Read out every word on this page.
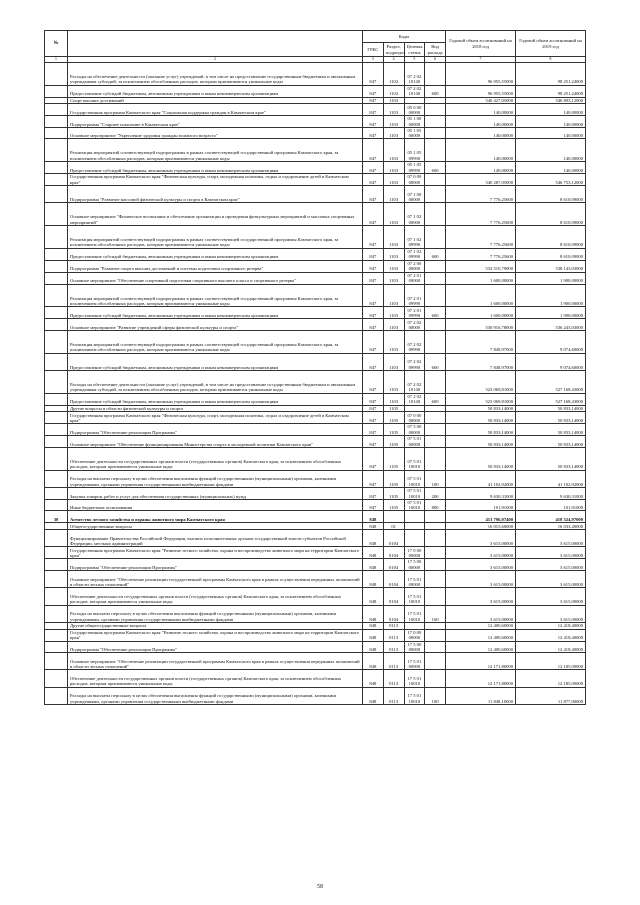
№		Коды				Годовой объем ассигнований на 2018 год	Годовой объем ассигнований на 2019 год
		ГРБС	Раздел, подраздел	Целевая статья	Вид расхода		
1	2	3	4	5	6	7	8
	Расходы на обеспечение деятельности (оказание услуг) учреждений, в том числе на предоставление государственным бюджетным и автономным учреждениям субсидий, за исключением обособленных расходов, которым присваиваются уникальные коды	847	1102	07 2 02 10140		96 955,55000	98 251,24000
	Предоставление субсидий бюджетным, автономным учреждениям и иным некоммерческим организациям	847	1102	07 2 02 10140	600	96 955,55000	98 251,24000
	Спорт высших достижений	847	1103			540 427,05000	546 893,12000
	Государственная программа Камчатского края "Социальная поддержка граждан в Камчатском крае"	847	1103	05 0 00 00000		140,00000	140,00000
	Подпрограмма "Старшее поколение в Камчатском крае"	847	1103	05 1 00 00000		140,00000	140,00000
	Основное мероприятие "Укрепление здоровья граждан пожилого возраста"	847	1103	05 1 05 00000		140,00000	140,00000
	Реализация мероприятий соответствующей подпрограммы в рамках соответствующей государственной программы Камчатского края, за исключением обособленных расходов, которым присваиваются уникальные коды	847	1103	05 1 05 09990		140,00000	140,00000
	Предоставление субсидий бюджетным, автономным учреждениям и иным некоммерческим организациям	847	1103	05 1 05 09990	600	140,00000	140,00000
	Государственная программа Камчатского края "Физическая культура, спорт, молодежная политика, отдых и оздоровление детей в Камчатском крае"	847	1103	07 0 00 00000		540 287,05000	546 753,12000
	Подпрограмма "Развитие массовой физической культуры и спорта в Камчатском крае"	847	1103	07 1 00 00000		7 776,25600	8 610,09000
	Основное мероприятие "Физическое воспитание и обеспечение организации и проведения физкультурных мероприятий и массовых спортивных мероприятий"	847	1103	07 1 02 00000		7 776,25600	8 610,09000
	Реализация мероприятий соответствующей подпрограммы в рамках соответствующей государственной программы Камчатского края, за исключением обособленных расходов, которым присваиваются уникальные коды	847	1103	07 1 02 09990		7 776,25600	8 610,09000
	Предоставление субсидий бюджетным, автономным учреждениям и иным некоммерческим организациям	847	1103	07 1 02 09990	600	7 776,25600	8 610,09000
	Подпрограмма "Развитие спорта высших достижений и системы подготовки спортивного резерва"	847	1103	07 2 00 00000		532 510,79000	538 143,03000
	Основное мероприятие "Обеспечение спортивной подготовки спортивного высшего класса и спортивного резерва"	847	1103	07 2 01 00000		1 600,00000	1 900,00000
	Реализация мероприятий соответствующей подпрограммы в рамках соответствующей государственной программы Камчатского края, за исключением обособленных расходов, которым присваиваются уникальные коды	847	1103	07 2 01 09990		1 600,00000	1 900,00000
	Предоставление субсидий бюджетным, автономным учреждениям и иным некоммерческим организациям	847	1103	07 2 01 09990	600	1 600,00000	1 900,00000
	Основное мероприятие "Развитие учреждений сферы физической культуры и спорта"	847	1103	07 2 02 00000		530 916,78000	536 243,03000
	Реализация мероприятий соответствующей подпрограммы в рамках соответствующей государственной программы Камчатского края, за исключением обособленных расходов, которым присваиваются уникальные коды	847	1103	07 2 02 09990		7 848,97000	9 074,60000
	Предоставление субсидий бюджетным, автономным учреждениям и иным некоммерческим организациям	847	1103	07 2 02 09990	600	7 848,97000	9 074,60000
	Расходы на обеспечение деятельности (оказание услуг) учреждений, в том числе на предоставление государственным бюджетным и автономным учреждениям субсидий, за исключением обособленных расходов, которым присваиваются уникальные коды	847	1103	07 2 02 10140		523 069,81000	527 168,43000
	Предоставление субсидий бюджетным, автономным учреждениям и иным некоммерческим организациям	847	1103	07 2 02 10140	600	523 069,81000	527 168,43000
	Другие вопросы в области физической культуры и спорта	847	1105			50 833,14000	50 833,14000
	Государственная программа Камчатского края "Физическая культура, спорт, молодежная политика, отдых и оздоровление детей в Камчатском крае"	847	1105	07 0 00 00000		50 833,14000	50 833,14000
	Подпрограмма "Обеспечение реализации Программы"	847	1105	07 5 00 00000		50 833,14000	50 833,14000
	Основное мероприятие "Обеспечение функционирования Министерства спорта и молодежной политики Камчатского края"	847	1105	07 5 01 00000		50 833,14000	50 833,14000
	Обеспечение деятельности государственных органов власти (государственных органов) Камчатского края, за исключением обособленных расходов, которым присваиваются уникальные коды	847	1105	07 5 01 10010		50 833,14000	50 833,14000
	Расходы на выплаты персоналу в целях обеспечения выполнения функций государственными (муниципальными) органами, казенными учреждениями, органами управления государственными внебюджетными фондами	847	1105	07 5 01 10010	100	41 102,92000	41 102,92000
	Закупка товаров, работ и услуг для обеспечения государственных (муниципальных) нужд	847	1105	07 5 01 10010	200	9 630,31000	9 630,31000
	Иные бюджетные ассигнования	847	1105	07 5 01 10010	800	101,91000	101,91000
30	Агентство лесного хозяйства и охраны животного мира Камчатского края	848				413 796,07400	418 324,97000
	Общегосударственные вопросы	848	01			16 015,60000	16 033,40000
	Функционирование Правительства Российской Федерации, высших исполнительных органов государственной власти субъектов Российской Федерации, местных администраций	848	0104			3 615,00000	3 615,00000
	Государственная программа Камчатского края "Развитие лесного хозяйства, охрана и воспроизводство животного мира на территории Камчатского края"	848	0104	17 0 00 00000		3 615,00000	3 615,00000
	Подпрограмма "Обеспечение реализации Программы"	848	0104	17 5 00 00000		3 615,00000	3 615,00000
	Основное мероприятие "Обеспечение реализации государственной программы Камчатского края в рамках осуществления переданных полномочий в области лесных отношений"	848	0104	17 5 01 00000		3 615,00000	3 615,00000
	Обеспечение деятельности государственных органов власти (государственных органов) Камчатского края, за исключением обособленных расходов, которым присваиваются уникальные коды	848	0104	17 5 01 10010		3 615,00000	3 615,00000
	Расходы на выплаты персоналу в целях обеспечения выполнения функций государственными (муниципальными) органами, казенными учреждениями, органами управления государственными внебюджетными фондами	848	0104	17 5 01 10010	100	3 615,00000	3 615,00000
	Другие общегосударственные вопросы	848	0113			12 400,60000	12 418,40000
	Государственная программа Камчатского края "Развитие лесного хозяйства, охрана и воспроизводство животного мира на территории Камчатского края"	848	0113	17 0 00 00000		12 400,60000	12 418,40000
	Подпрограмма "Обеспечение реализации Программы"	848	0113	17 5 00 00000		12 400,60000	12 418,40000
	Основное мероприятие "Обеспечение реализации государственной программы Камчатского края в рамках осуществления переданных полномочий в области лесных отношений"	848	0113	17 5 01 00000		12 171,80000	12 185,00000
	Обеспечение деятельности государственных органов власти (государственных органов) Камчатского края, за исключением обособленных расходов, которым присваиваются уникальные коды	848	0113	17 5 01 10010		12 171,80000	12 185,00000
	Расходы на выплаты персоналу в целях обеспечения выполнения функций государственными (муниципальными) органами, казенными учреждениями, органами управления государственными внебюджетными фондами	848	0113	17 5 01 10010	100	11 848,10000	11 877,00000
58
